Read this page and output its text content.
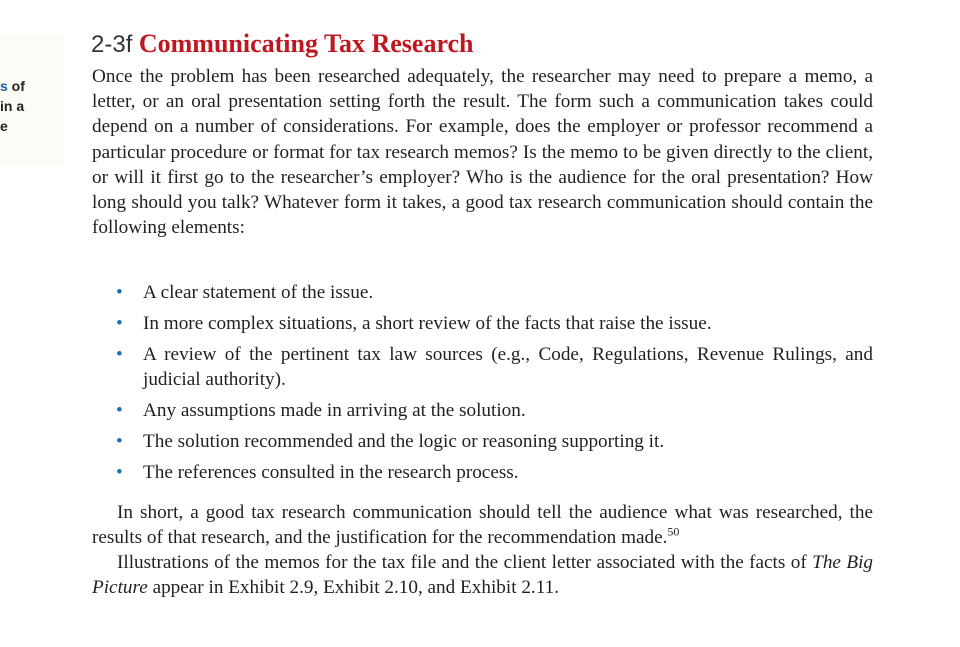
s of
in a
e
2-3f Communicating Tax Research

Once the problem has been researched adequately, the researcher may need to prepare a memo, a letter, or an oral presentation setting forth the result. The form such a communication takes could depend on a number of considerations. For example, does the employer or professor recommend a particular procedure or format for tax research memos? Is the memo to be given directly to the client, or will it first go to the researcher’s employer? Who is the audience for the oral presentation? How long should you talk? Whatever form it takes, a good tax research communication should contain the following elements:

• A clear statement of the issue.
• In more complex situations, a short review of the facts that raise the issue.
• A review of the pertinent tax law sources (e.g., Code, Regulations, Revenue Rulings, and judicial authority).
• Any assumptions made in arriving at the solution.
• The solution recommended and the logic or reasoning supporting it.
• The references consulted in the research process.

In short, a good tax research communication should tell the audience what was researched, the results of that research, and the justification for the recommendation made.$^{50}$

Illustrations of the memos for the tax file and the client letter associated with the facts of The Big Picture appear in Exhibit 2.9, Exhibit 2.10, and Exhibit 2.11.
